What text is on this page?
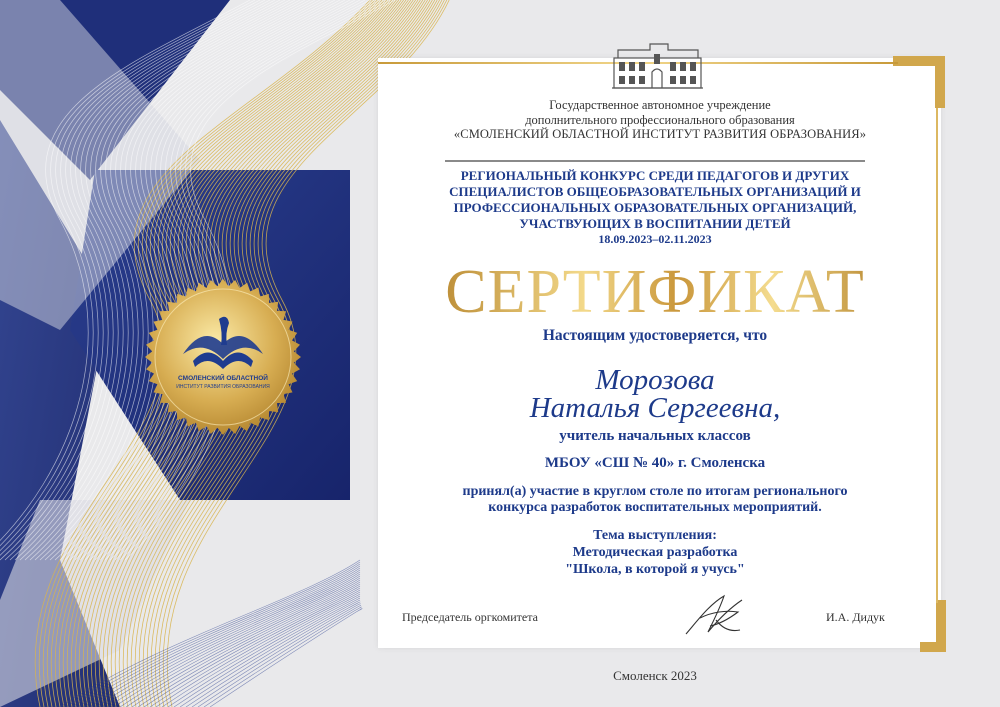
СМОЛЕНСКИЙ ОБЛАСТНОЙ
ИНСТИТУТ РАЗВИТИЯ ОБРАЗОВАНИЯ
Государственное автономное учреждение
дополнительного профессионального образования
«СМОЛЕНСКИЙ ОБЛАСТНОЙ ИНСТИТУТ РАЗВИТИЯ ОБРАЗОВАНИЯ»
РЕГИОНАЛЬНЫЙ КОНКУРС СРЕДИ ПЕДАГОГОВ И ДРУГИХ
СПЕЦИАЛИСТОВ ОБЩЕОБРАЗОВАТЕЛЬНЫХ ОРГАНИЗАЦИЙ И
ПРОФЕССИОНАЛЬНЫХ ОБРАЗОВАТЕЛЬНЫХ ОРГАНИЗАЦИЙ,
УЧАСТВУЮЩИХ В ВОСПИТАНИИ ДЕТЕЙ
18.09.2023–02.11.2023
СЕРТИФИКАТ
Настоящим удостоверяется, что
Морозова
Наталья Сергеевна,
учитель начальных классов
МБОУ «СШ № 40» г. Смоленска
принял(а) участие в круглом столе по итогам регионального
конкурса разработок воспитательных мероприятий.
Тема выступления:
Методическая разработка
"Школа, в которой я учусь"
Председатель оргкомитета	И.А. Дидук
Смоленск 2023
